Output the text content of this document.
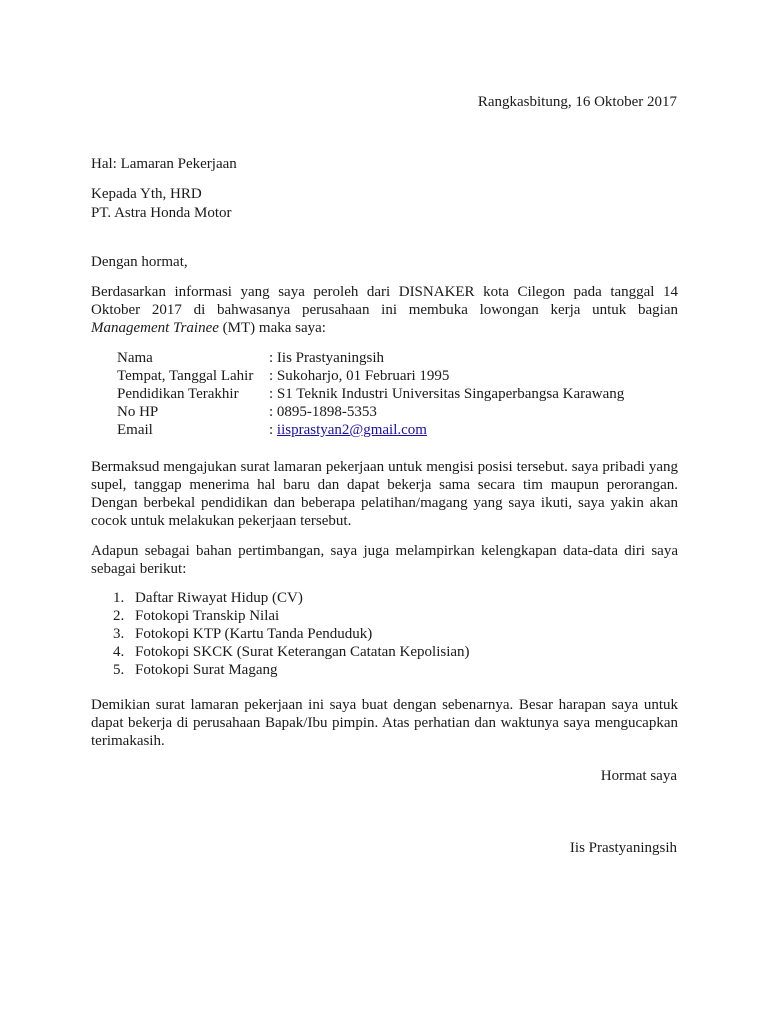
Rangkasbitung, 16 Oktober 2017
Hal: Lamaran Pekerjaan
Kepada Yth, HRD
PT. Astra Honda Motor
Dengan hormat,
Berdasarkan informasi yang saya peroleh dari DISNAKER kota Cilegon pada tanggal 14
Oktober 2017 di bahwasanya perusahaan ini membuka lowongan kerja untuk bagian
Management Trainee (MT) maka saya:
Nama	: Iis Prastyaningsih
Tempat, Tanggal Lahir : Sukoharjo, 01 Februari 1995
Pendidikan Terakhir : S1 Teknik Industri Universitas Singaperbangsa Karawang
No HP	: 0895-1898-5353
Email	: iisprastyan2@gmail.com
Bermaksud mengajukan surat lamaran pekerjaan untuk mengisi posisi tersebut. saya pribadi yang
supel, tanggap menerima hal baru dan dapat bekerja sama secara tim maupun perorangan.
Dengan berbekal pendidikan dan beberapa pelatihan/magang yang saya ikuti, saya yakin akan
cocok untuk melakukan pekerjaan tersebut.
Adapun sebagai bahan pertimbangan, saya juga melampirkan kelengkapan data-data diri saya
sebagai berikut:
1. Daftar Riwayat Hidup (CV)
2. Fotokopi Transkip Nilai
3. Fotokopi KTP (Kartu Tanda Penduduk)
4. Fotokopi SKCK (Surat Keterangan Catatan Kepolisian)
5. Fotokopi Surat Magang
Demikian surat lamaran pekerjaan ini saya buat dengan sebenarnya. Besar harapan saya untuk
dapat bekerja di perusahaan Bapak/Ibu pimpin. Atas perhatian dan waktunya saya mengucapkan
terimakasih.
Hormat saya
Iis Prastyaningsih
